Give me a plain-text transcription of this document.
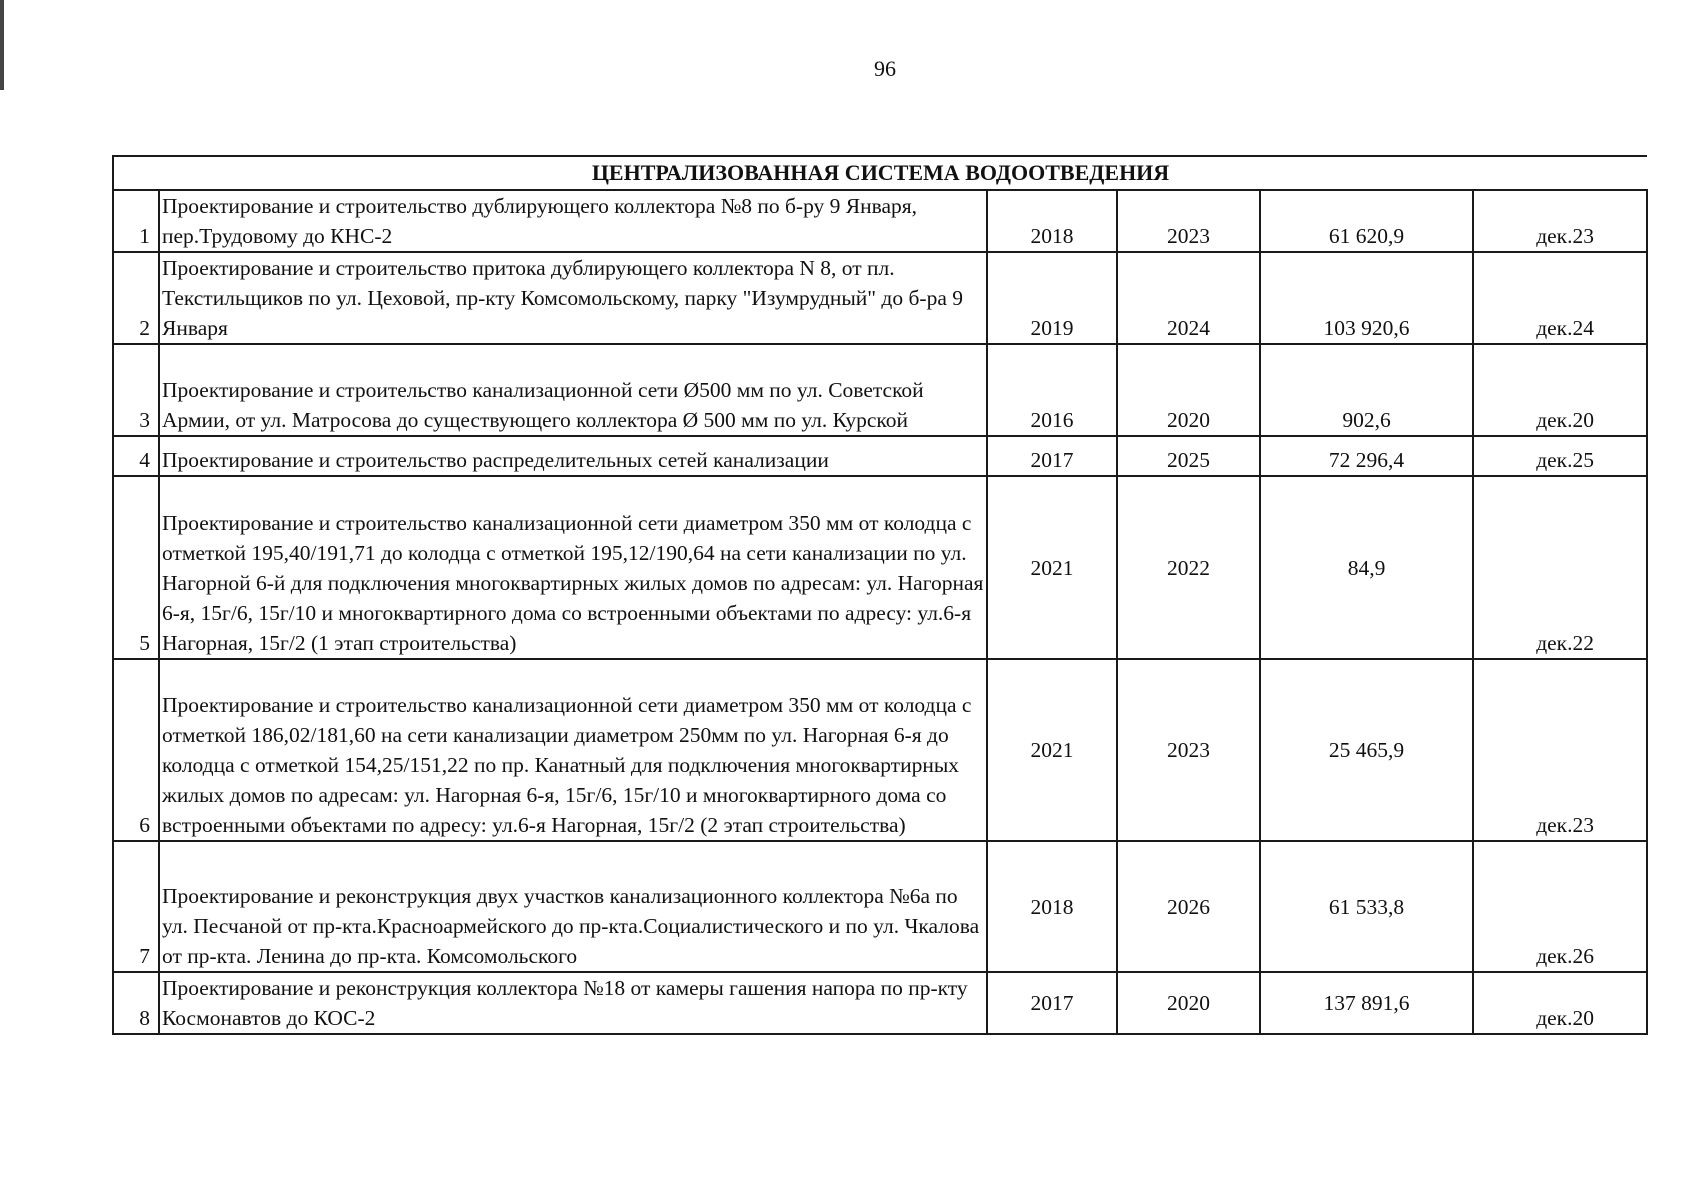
96
ЦЕНТРАЛИЗОВАННАЯ СИСТЕМА ВОДООТВЕДЕНИЯ					
1	Проектирование и строительство дублирующего коллектора №8 по б-ру 9 Января, пер.Трудовому до КНС-2	2018	2023	61 620,9	дек.23
2	Проектирование и строительство притока дублирующего коллектора N 8, от пл. Текстильщиков по ул. Цеховой, пр-кту Комсомольскому, парку "Изумрудный" до б-ра 9 Января	2019	2024	103 920,6	дек.24
3	Проектирование и строительство канализационной сети Ø500 мм по ул. Советской Армии, от ул. Матросова до существующего коллектора Ø 500 мм по ул. Курской	2016	2020	902,6	дек.20
4	Проектирование и строительство распределительных сетей канализации	2017	2025	72 296,4	дек.25
5	Проектирование и строительство канализационной сети диаметром 350 мм от колодца с отметкой 195,40/191,71 до колодца с отметкой 195,12/190,64 на сети канализации по ул. Нагорной 6-й для подключения многоквартирных жилых домов по адресам: ул. Нагорная 6-я, 15г/6, 15г/10 и многоквартирного дома со встроенными объектами по адресу: ул.6-я Нагорная, 15г/2 (1 этап строительства)	2021	2022	84,9	дек.22
6	Проектирование и строительство канализационной сети диаметром 350 мм от колодца с отметкой 186,02/181,60 на сети канализации диаметром 250мм по ул. Нагорная 6-я до колодца с отметкой 154,25/151,22 по пр. Канатный для подключения многоквартирных жилых домов по адресам: ул. Нагорная 6-я, 15г/6, 15г/10 и многоквартирного дома со встроенными объектами по адресу: ул.6-я Нагорная, 15г/2 (2 этап строительства)	2021	2023	25 465,9	дек.23
7	Проектирование и реконструкция двух участков канализационного коллектора №6а по ул. Песчаной от пр-кта.Красноармейского до пр-кта.Социалистического и по ул. Чкалова от пр-кта. Ленина до пр-кта. Комсомольского	2018	2026	61 533,8	дек.26
8	Проектирование и реконструкция коллектора №18 от камеры гашения напора по пр-кту Космонавтов до КОС-2	2017	2020	137 891,6	дек.20
